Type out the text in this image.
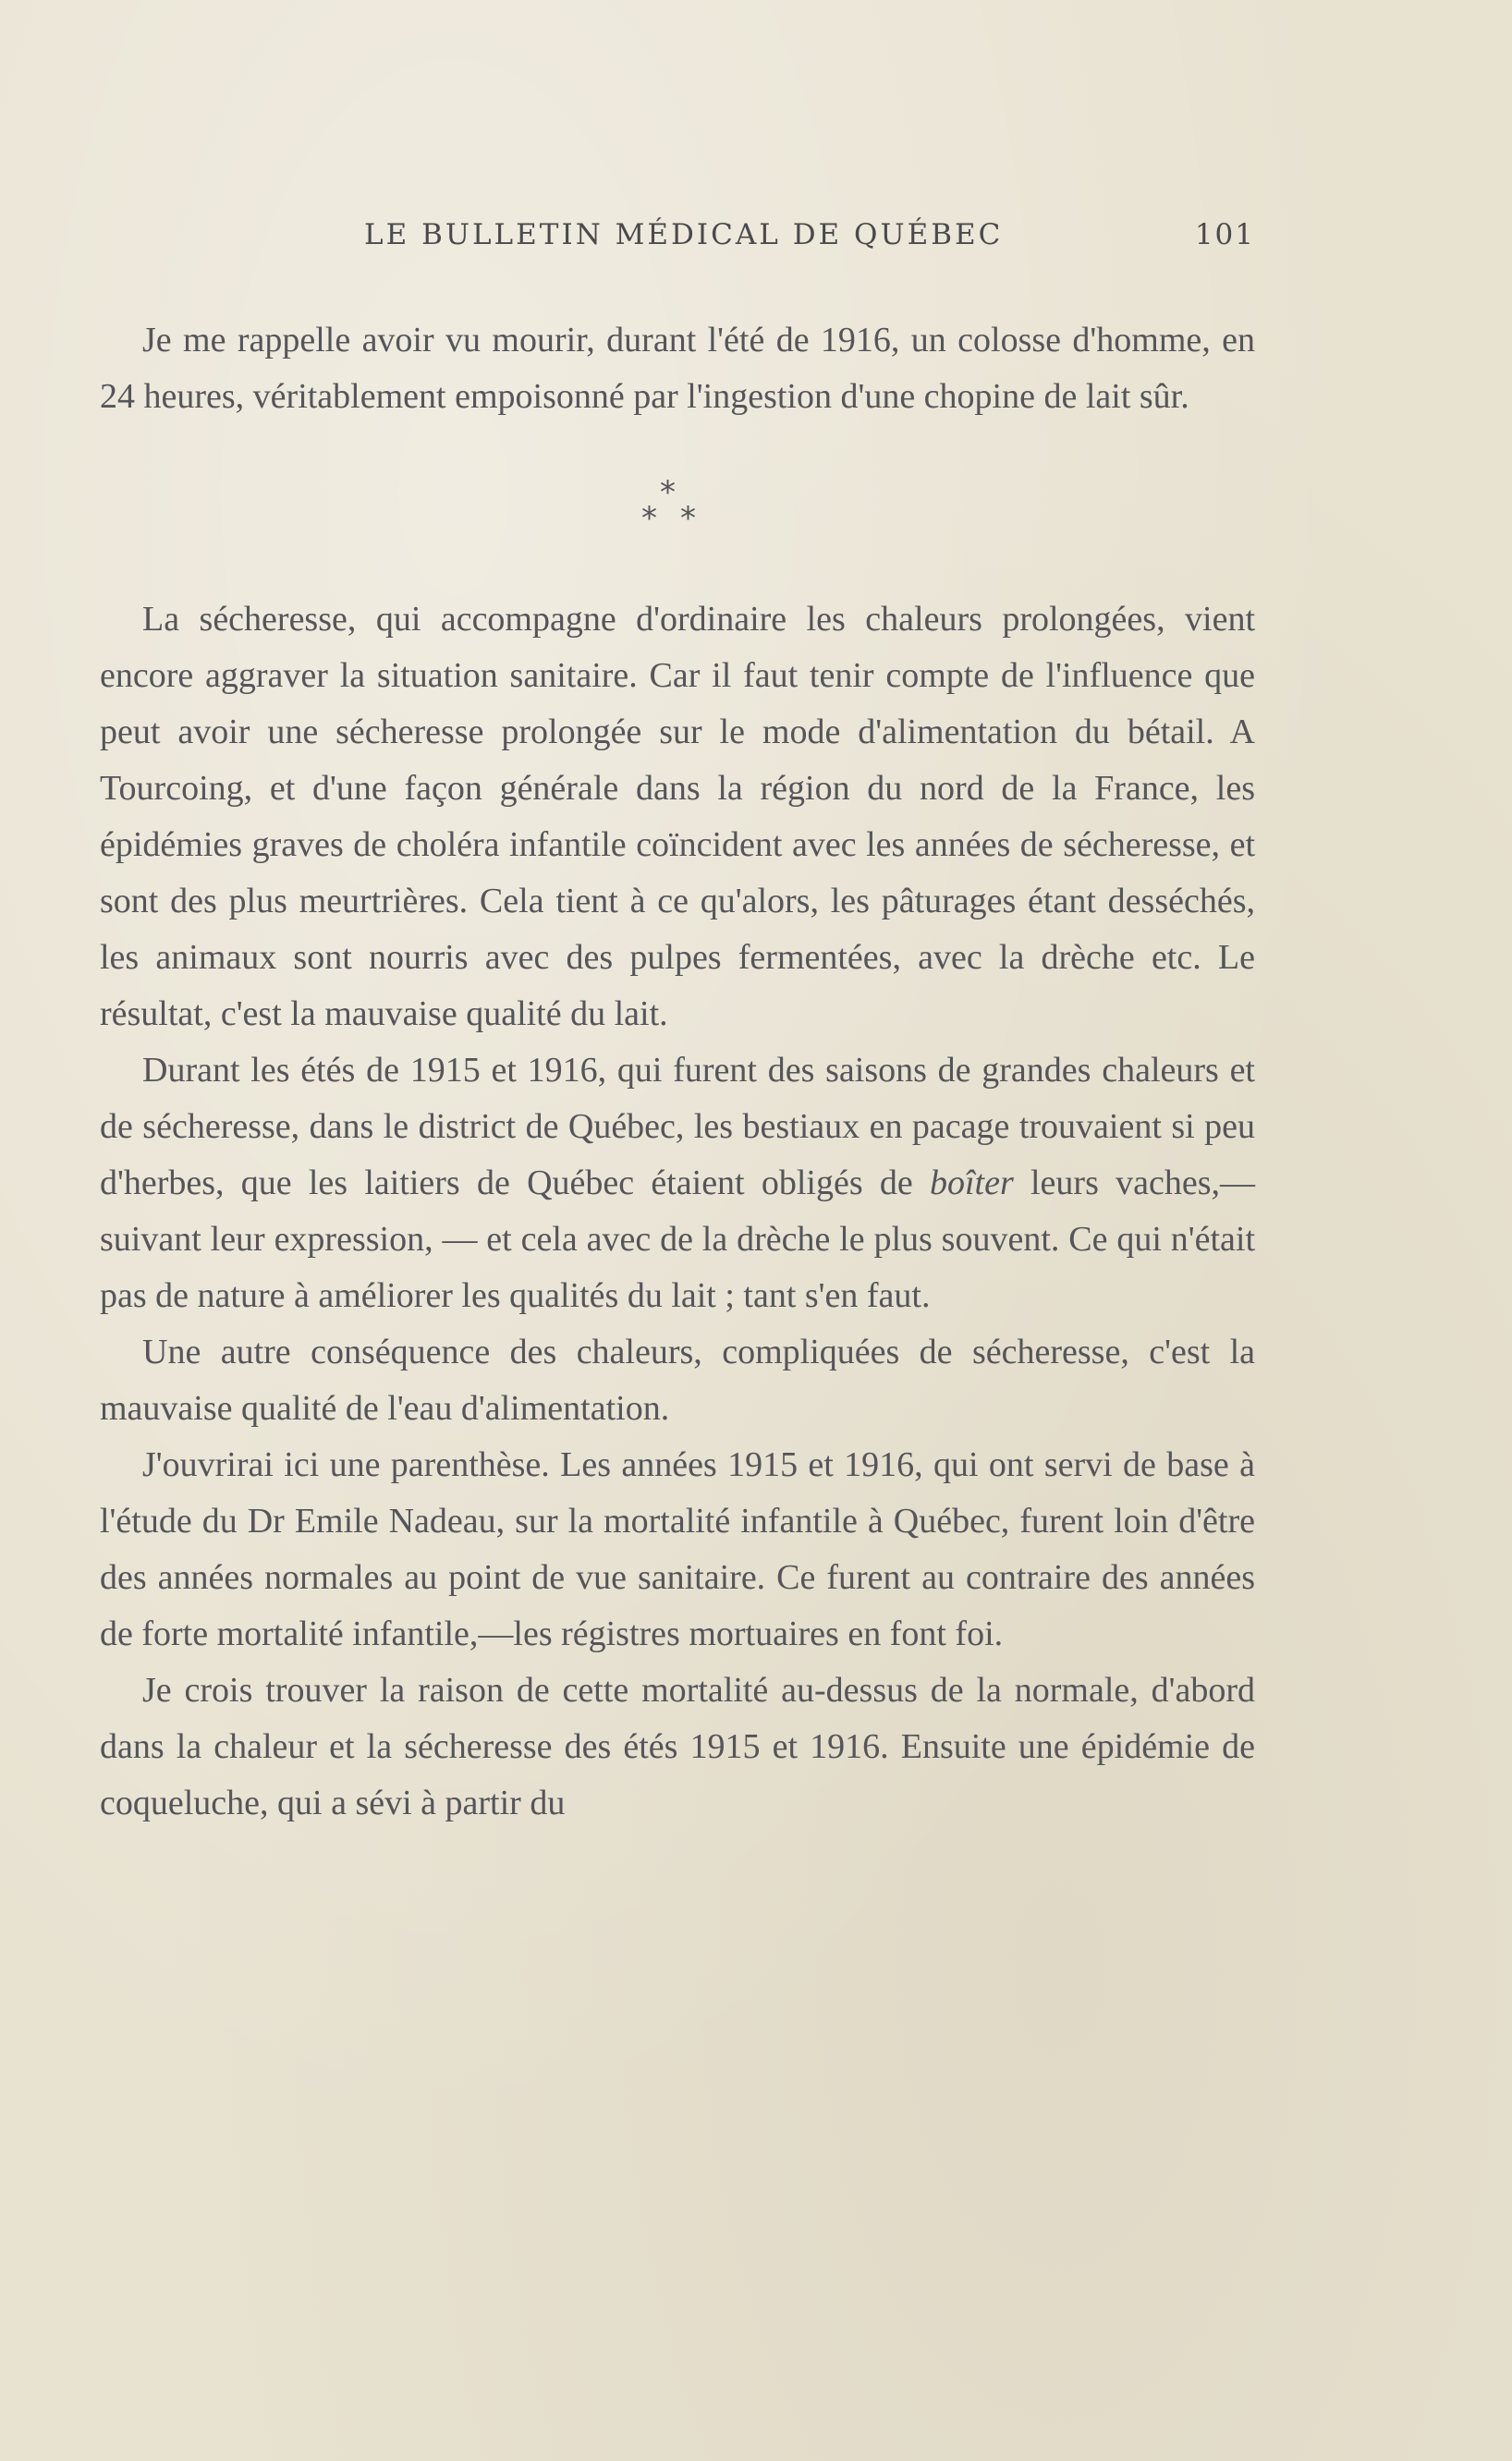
LE BULLETIN MÉDICAL DE QUÉBEC	101

Je me rappelle avoir vu mourir, durant l'été de 1916, un colosse d'homme, en 24 heures, véritablement empoisonné par l'ingestion d'une chopine de lait sûr.

*
* *

La sécheresse, qui accompagne d'ordinaire les chaleurs prolongées, vient encore aggraver la situation sanitaire. Car il faut tenir compte de l'influence que peut avoir une sécheresse prolongée sur le mode d'alimentation du bétail. A Tourcoing, et d'une façon générale dans la région du nord de la France, les épidémies graves de choléra infantile coïncident avec les années de sécheresse, et sont des plus meurtrières. Cela tient à ce qu'alors, les pâturages étant desséchés, les animaux sont nourris avec des pulpes fermentées, avec la drèche etc. Le résultat, c'est la mauvaise qualité du lait.

Durant les étés de 1915 et 1916, qui furent des saisons de grandes chaleurs et de sécheresse, dans le district de Québec, les bestiaux en pacage trouvaient si peu d'herbes, que les laitiers de Québec étaient obligés de boîter leurs vaches,—suivant leur expression, — et cela avec de la drèche le plus souvent. Ce qui n'était pas de nature à améliorer les qualités du lait ; tant s'en faut.

Une autre conséquence des chaleurs, compliquées de sécheresse, c'est la mauvaise qualité de l'eau d'alimentation.

J'ouvrirai ici une parenthèse. Les années 1915 et 1916, qui ont servi de base à l'étude du Dr Emile Nadeau, sur la mortalité infantile à Québec, furent loin d'être des années normales au point de vue sanitaire. Ce furent au contraire des années de forte mortalité infantile,—les régistres mortuaires en font foi.

Je crois trouver la raison de cette mortalité au-dessus de la normale, d'abord dans la chaleur et la sécheresse des étés 1915 et 1916. Ensuite une épidémie de coqueluche, qui a sévi à partir du
